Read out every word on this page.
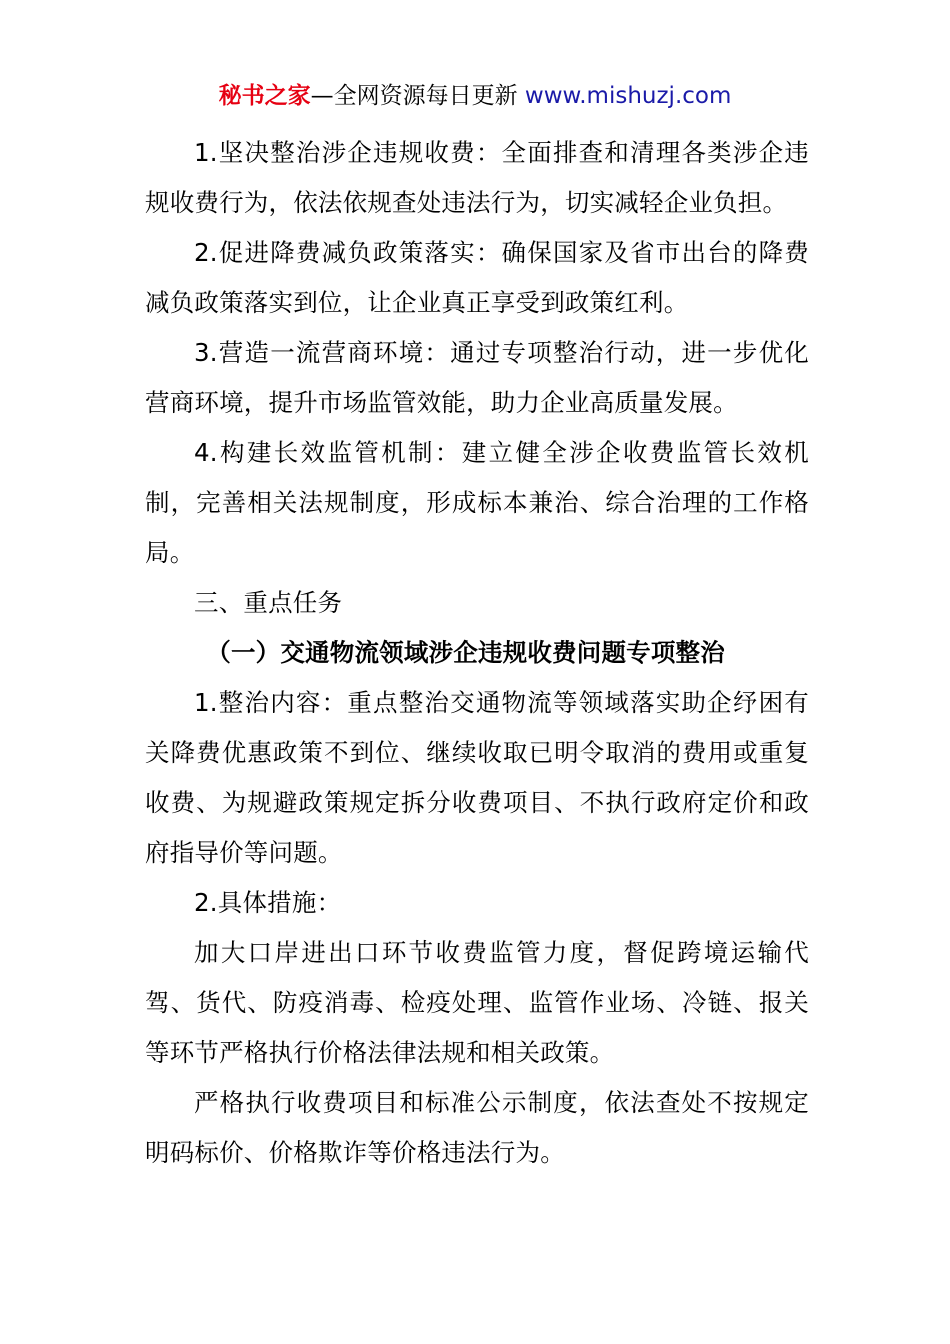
秘书之家—全网资源每日更新 www.mishuzj.com

1.坚决整治涉企违规收费：全面排查和清理各类涉企违规收费行为，依法依规查处违法行为，切实减轻企业负担。

2.促进降费减负政策落实：确保国家及省市出台的降费减负政策落实到位，让企业真正享受到政策红利。

3.营造一流营商环境：通过专项整治行动，进一步优化营商环境，提升市场监管效能，助力企业高质量发展。

4.构建长效监管机制：建立健全涉企收费监管长效机制，完善相关法规制度，形成标本兼治、综合治理的工作格局。

三、重点任务

（一）交通物流领域涉企违规收费问题专项整治

1.整治内容：重点整治交通物流等领域落实助企纾困有关降费优惠政策不到位、继续收取已明令取消的费用或重复收费、为规避政策规定拆分收费项目、不执行政府定价和政府指导价等问题。

2.具体措施：

加大口岸进出口环节收费监管力度，督促跨境运输代驾、货代、防疫消毒、检疫处理、监管作业场、冷链、报关等环节严格执行价格法律法规和相关政策。

严格执行收费项目和标准公示制度，依法查处不按规定明码标价、价格欺诈等价格违法行为。
